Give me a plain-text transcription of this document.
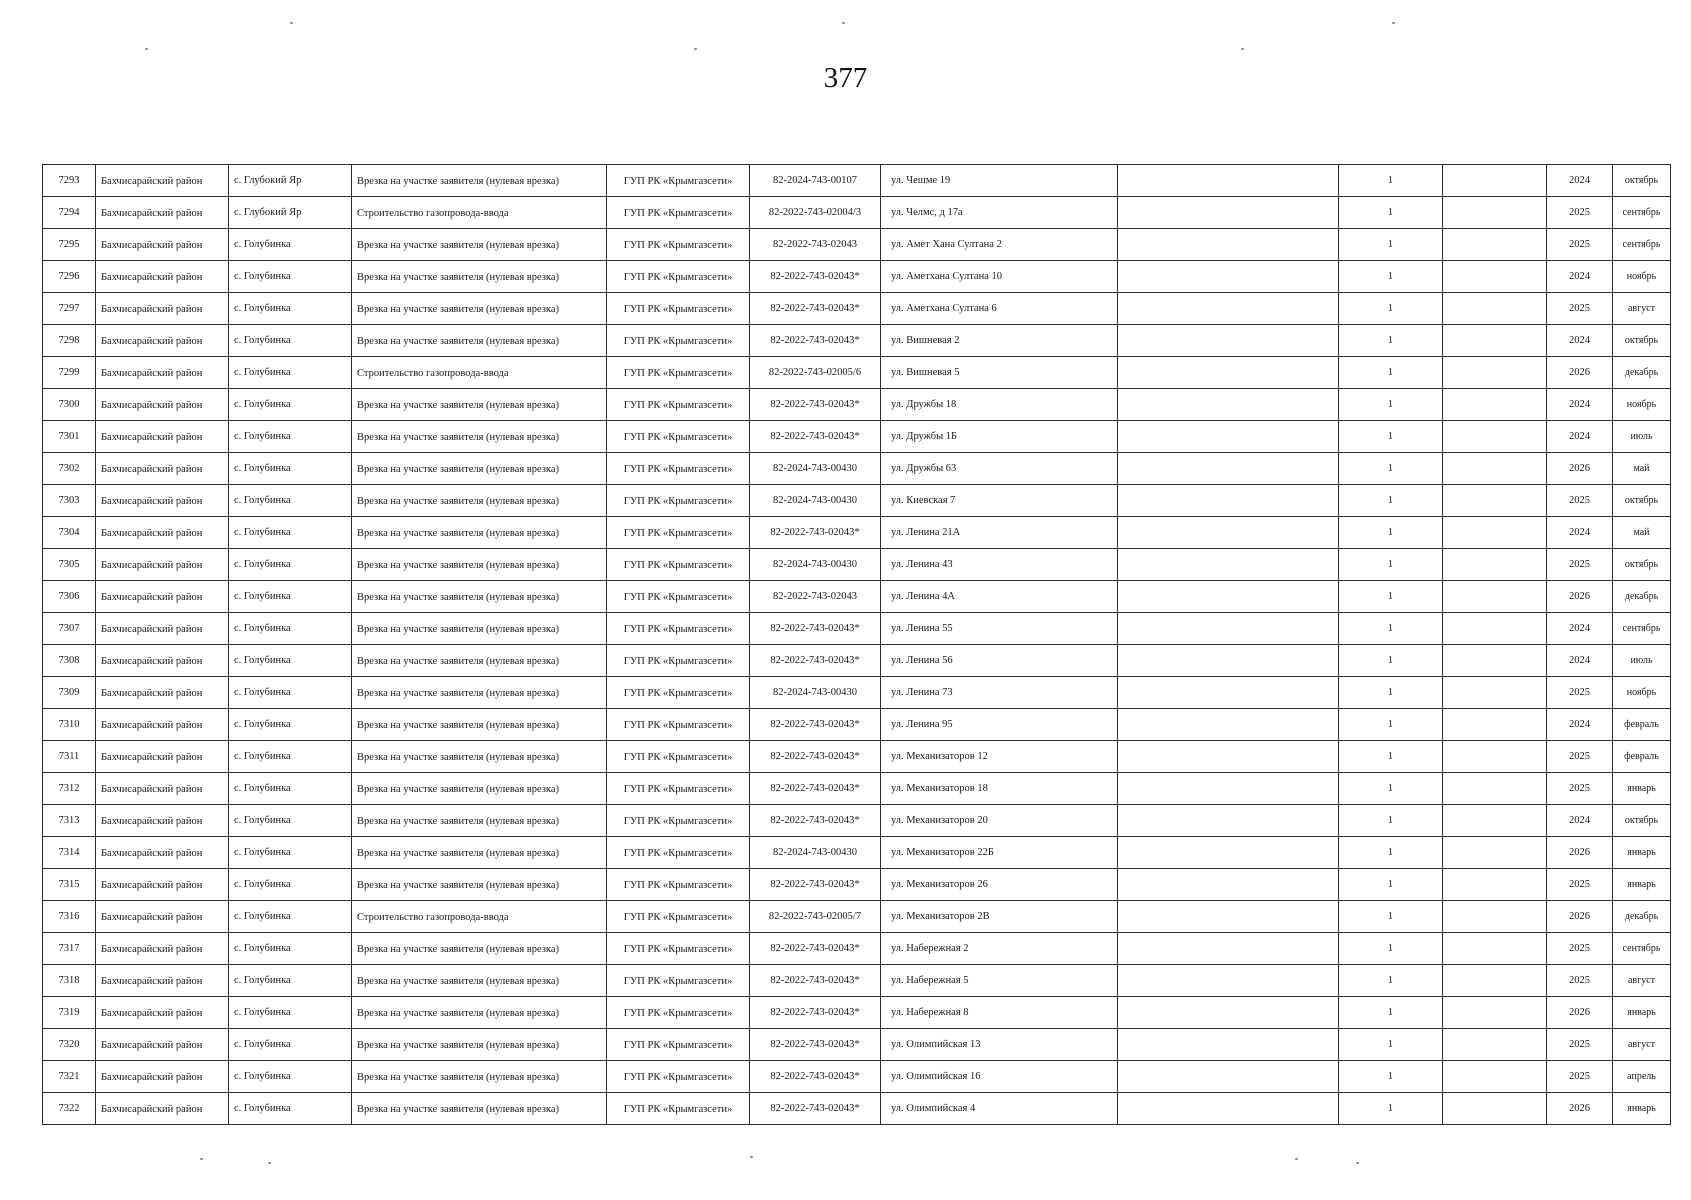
377
7293	Бахчисарайский район	с. Глубокий Яр	Врезка на участке заявителя (нулевая врезка)	ГУП РК «Крымгазсети»	82-2024-743-00107	ул. Чешме 19		1		2024	октябрь
7294	Бахчисарайский район	с. Глубокий Яр	Строительство газопровода-ввода	ГУП РК «Крымгазсети»	82-2022-743-02004/3	ул. Челмс, д 17а		1		2025	сентябрь
7295	Бахчисарайский район	с. Голубинка	Врезка на участке заявителя (нулевая врезка)	ГУП РК «Крымгазсети»	82-2022-743-02043	ул. Амет Хана Султана 2		1		2025	сентябрь
7296	Бахчисарайский район	с. Голубинка	Врезка на участке заявителя (нулевая врезка)	ГУП РК «Крымгазсети»	82-2022-743-02043*	ул. Аметхана Султана 10		1		2024	ноябрь
7297	Бахчисарайский район	с. Голубинка	Врезка на участке заявителя (нулевая врезка)	ГУП РК «Крымгазсети»	82-2022-743-02043*	ул. Аметхана Султана 6		1		2025	август
7298	Бахчисарайский район	с. Голубинка	Врезка на участке заявителя (нулевая врезка)	ГУП РК «Крымгазсети»	82-2022-743-02043*	ул. Вишневая 2		1		2024	октябрь
7299	Бахчисарайский район	с. Голубинка	Строительство газопровода-ввода	ГУП РК «Крымгазсети»	82-2022-743-02005/6	ул. Вишневая 5		1		2026	декабрь
7300	Бахчисарайский район	с. Голубинка	Врезка на участке заявителя (нулевая врезка)	ГУП РК «Крымгазсети»	82-2022-743-02043*	ул. Дружбы 18		1		2024	ноябрь
7301	Бахчисарайский район	с. Голубинка	Врезка на участке заявителя (нулевая врезка)	ГУП РК «Крымгазсети»	82-2022-743-02043*	ул. Дружбы 1Б		1		2024	июль
7302	Бахчисарайский район	с. Голубинка	Врезка на участке заявителя (нулевая врезка)	ГУП РК «Крымгазсети»	82-2024-743-00430	ул. Дружбы 63		1		2026	май
7303	Бахчисарайский район	с. Голубинка	Врезка на участке заявителя (нулевая врезка)	ГУП РК «Крымгазсети»	82-2024-743-00430	ул. Киевская 7		1		2025	октябрь
7304	Бахчисарайский район	с. Голубинка	Врезка на участке заявителя (нулевая врезка)	ГУП РК «Крымгазсети»	82-2022-743-02043*	ул. Ленина 21А		1		2024	май
7305	Бахчисарайский район	с. Голубинка	Врезка на участке заявителя (нулевая врезка)	ГУП РК «Крымгазсети»	82-2024-743-00430	ул. Ленина 43		1		2025	октябрь
7306	Бахчисарайский район	с. Голубинка	Врезка на участке заявителя (нулевая врезка)	ГУП РК «Крымгазсети»	82-2022-743-02043	ул. Ленина 4А		1		2026	декабрь
7307	Бахчисарайский район	с. Голубинка	Врезка на участке заявителя (нулевая врезка)	ГУП РК «Крымгазсети»	82-2022-743-02043*	ул. Ленина 55		1		2024	сентябрь
7308	Бахчисарайский район	с. Голубинка	Врезка на участке заявителя (нулевая врезка)	ГУП РК «Крымгазсети»	82-2022-743-02043*	ул. Ленина 56		1		2024	июль
7309	Бахчисарайский район	с. Голубинка	Врезка на участке заявителя (нулевая врезка)	ГУП РК «Крымгазсети»	82-2024-743-00430	ул. Ленина 73		1		2025	ноябрь
7310	Бахчисарайский район	с. Голубинка	Врезка на участке заявителя (нулевая врезка)	ГУП РК «Крымгазсети»	82-2022-743-02043*	ул. Ленина 95		1		2024	февраль
7311	Бахчисарайский район	с. Голубинка	Врезка на участке заявителя (нулевая врезка)	ГУП РК «Крымгазсети»	82-2022-743-02043*	ул. Механизаторов 12		1		2025	февраль
7312	Бахчисарайский район	с. Голубинка	Врезка на участке заявителя (нулевая врезка)	ГУП РК «Крымгазсети»	82-2022-743-02043*	ул. Механизаторов 18		1		2025	январь
7313	Бахчисарайский район	с. Голубинка	Врезка на участке заявителя (нулевая врезка)	ГУП РК «Крымгазсети»	82-2022-743-02043*	ул. Механизаторов 20		1		2024	октябрь
7314	Бахчисарайский район	с. Голубинка	Врезка на участке заявителя (нулевая врезка)	ГУП РК «Крымгазсети»	82-2024-743-00430	ул. Механизаторов 22Б		1		2026	январь
7315	Бахчисарайский район	с. Голубинка	Врезка на участке заявителя (нулевая врезка)	ГУП РК «Крымгазсети»	82-2022-743-02043*	ул. Механизаторов 26		1		2025	январь
7316	Бахчисарайский район	с. Голубинка	Строительство газопровода-ввода	ГУП РК «Крымгазсети»	82-2022-743-02005/7	ул. Механизаторов 2В		1		2026	декабрь
7317	Бахчисарайский район	с. Голубинка	Врезка на участке заявителя (нулевая врезка)	ГУП РК «Крымгазсети»	82-2022-743-02043*	ул. Набережная 2		1		2025	сентябрь
7318	Бахчисарайский район	с. Голубинка	Врезка на участке заявителя (нулевая врезка)	ГУП РК «Крымгазсети»	82-2022-743-02043*	ул. Набережная 5		1		2025	август
7319	Бахчисарайский район	с. Голубинка	Врезка на участке заявителя (нулевая врезка)	ГУП РК «Крымгазсети»	82-2022-743-02043*	ул. Набережная 8		1		2026	январь
7320	Бахчисарайский район	с. Голубинка	Врезка на участке заявителя (нулевая врезка)	ГУП РК «Крымгазсети»	82-2022-743-02043*	ул. Олимпийская 13		1		2025	август
7321	Бахчисарайский район	с. Голубинка	Врезка на участке заявителя (нулевая врезка)	ГУП РК «Крымгазсети»	82-2022-743-02043*	ул. Олимпийская 16		1		2025	апрель
7322	Бахчисарайский район	с. Голубинка	Врезка на участке заявителя (нулевая врезка)	ГУП РК «Крымгазсети»	82-2022-743-02043*	ул. Олимпийская 4		1		2026	январь
